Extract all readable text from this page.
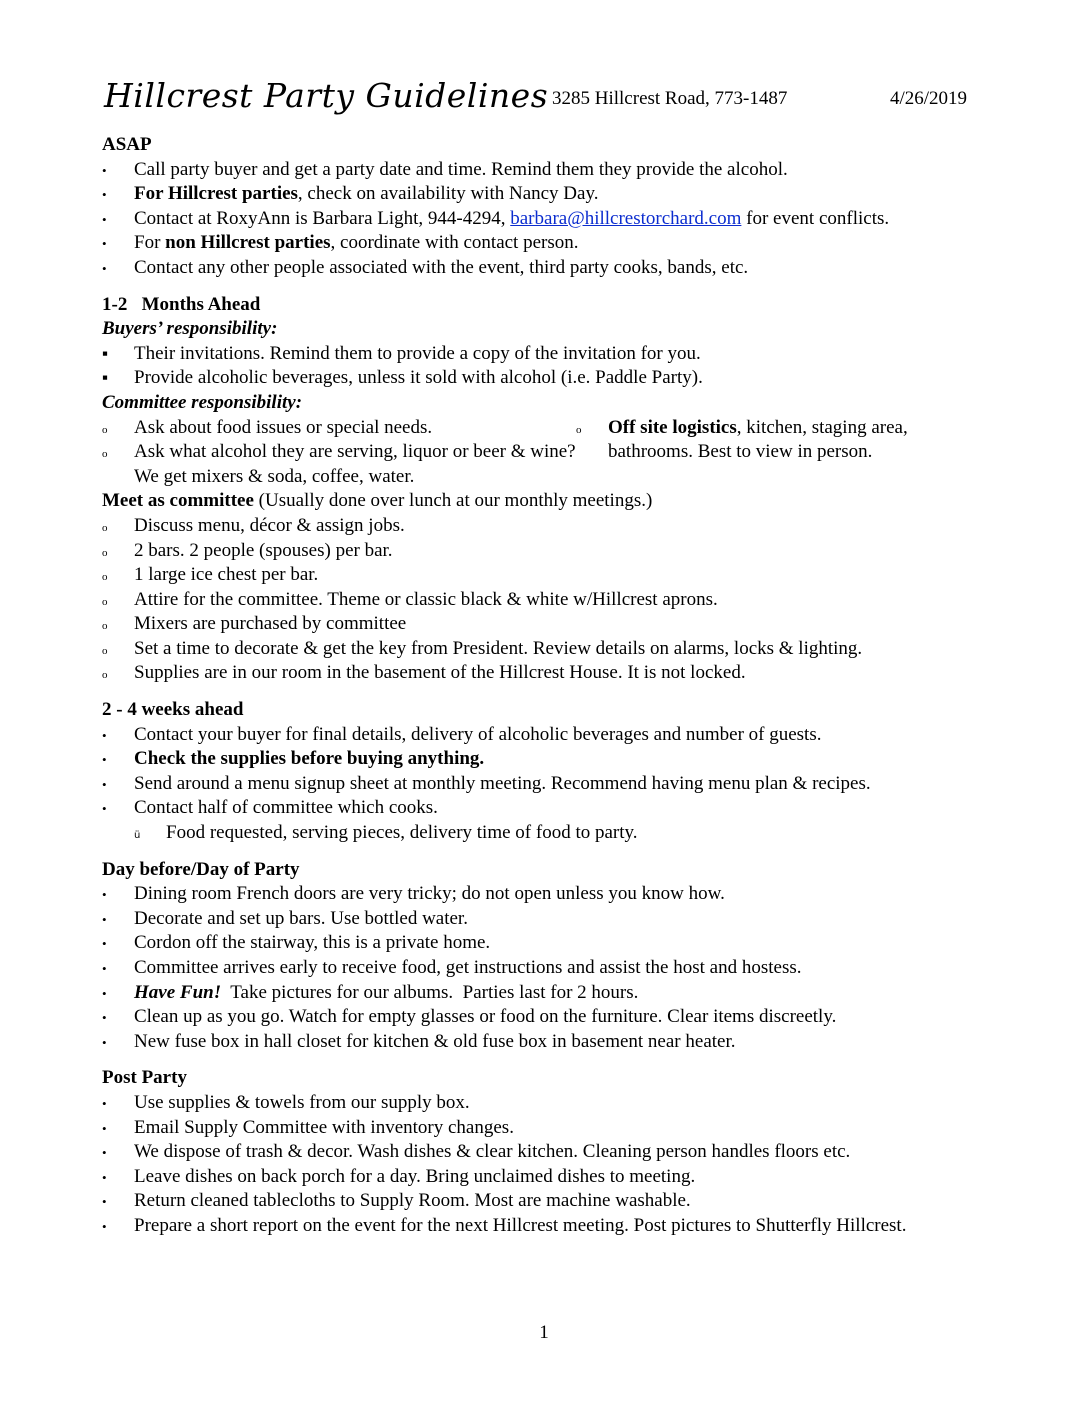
Hillcrest Party Guidelines 3285 Hillcrest Road, 773-1487	4/26/2019

ASAP

•
Call party buyer and get a party date and time. Remind them they provide the alcohol.
•
For Hillcrest parties, check on availability with Nancy Day.
•
Contact at RoxyAnn is Barbara Light, 944-4294, barbara@hillcrestorchard.com for event conflicts.
•
For non Hillcrest parties, coordinate with contact person.
•
Contact any other people associated with the event, third party cooks, bands, etc.

1-2   Months Ahead

Buyers’ responsibility:

▪
Their invitations. Remind them to provide a copy of the invitation for you.
▪
Provide alcoholic beverages, unless it sold with alcohol (i.e. Paddle Party).

Committee responsibility:

o
Ask about food issues or special needs.
o
Ask what alcohol they are serving, liquor or beer & wine? We get mixers & soda, coffee, water.
o
Off site logistics, kitchen, staging area, bathrooms. Best to view in person.

Meet as committee (Usually done over lunch at our monthly meetings.)

o
Discuss menu, décor & assign jobs.
o
2 bars. 2 people (spouses) per bar.
o
1 large ice chest per bar.
o
Attire for the committee. Theme or classic black & white w/Hillcrest aprons.
o
Mixers are purchased by committee
o
Set a time to decorate & get the key from President. Review details on alarms, locks & lighting.
o
Supplies are in our room in the basement of the Hillcrest House. It is not locked.

2 - 4 weeks ahead

•
Contact your buyer for final details, delivery of alcoholic beverages and number of guests.
•
Check the supplies before buying anything.
•
Send around a menu signup sheet at monthly meeting. Recommend having menu plan & recipes.
•
Contact half of committee which cooks.
ü
Food requested, serving pieces, delivery time of food to party.

Day before/Day of Party

•
Dining room French doors are very tricky; do not open unless you know how.
•
Decorate and set up bars. Use bottled water.
•
Cordon off the stairway, this is a private home.
•
Committee arrives early to receive food, get instructions and assist the host and hostess.
•
Have Fun!  Take pictures for our albums.  Parties last for 2 hours.
•
Clean up as you go. Watch for empty glasses or food on the furniture. Clear items discreetly.
•
New fuse box in hall closet for kitchen & old fuse box in basement near heater.

Post Party

•
Use supplies & towels from our supply box.
•
Email Supply Committee with inventory changes.
•
We dispose of trash & decor. Wash dishes & clear kitchen. Cleaning person handles floors etc.
•
Leave dishes on back porch for a day. Bring unclaimed dishes to meeting.
•
Return cleaned tablecloths to Supply Room. Most are machine washable.
•
Prepare a short report on the event for the next Hillcrest meeting. Post pictures to Shutterfly Hillcrest.
1
